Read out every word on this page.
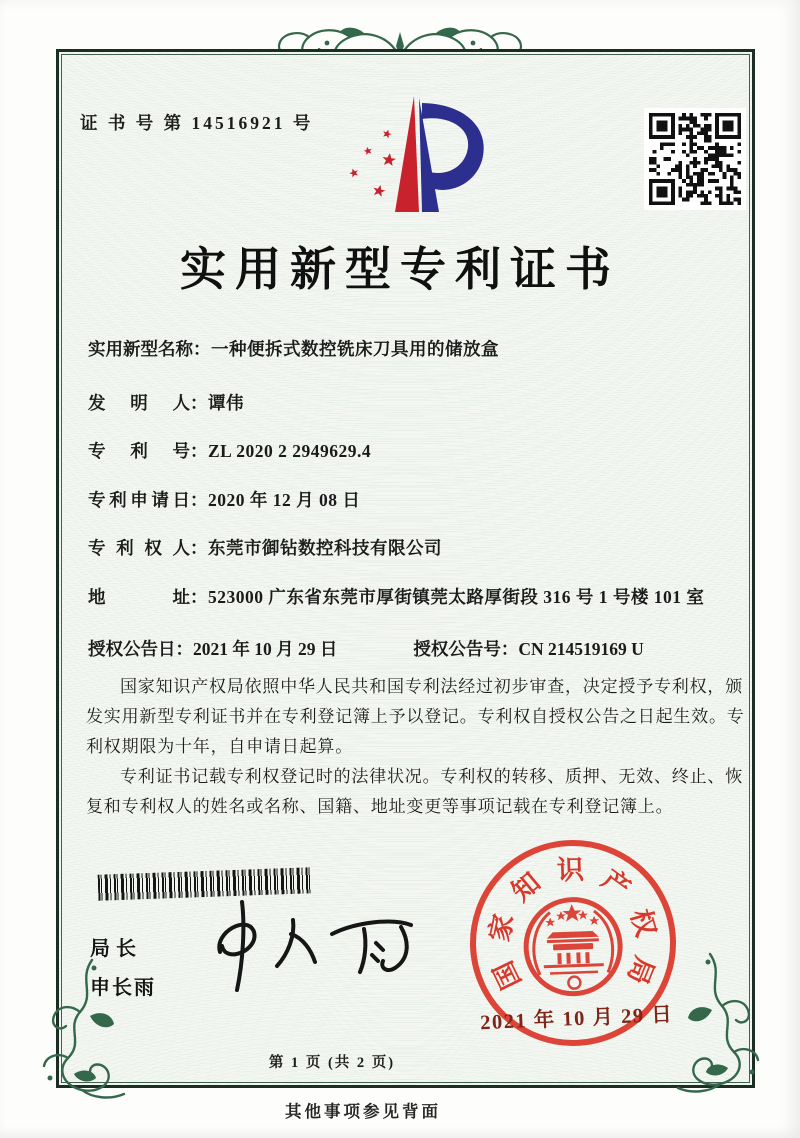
证 书 号 第 14516921 号
实用新型专利证书
实用新型名称 ： 一种便拆式数控铣床刀具用的储放盒
发明人 ： 谭伟
专利号 ： ZL 2020 2 2949629.4
专利申请日 ： 2020 年 12 月 08 日
专利权人 ： 东莞市御钻数控科技有限公司
地址 ： 523000 广东省东莞市厚街镇莞太路厚街段 316 号 1 号楼 101 室
授权公告日 ： 2021 年 10 月 29 日	授权公告号 ： CN 214519169 U

国家知识产权局依照中华人民共和国专利法经过初步审查，决定授予专利权，颁发实用新型专利证书并在专利登记簿上予以登记。专利权自授权公告之日起生效。专利权期限为十年，自申请日起算。

专利证书记载专利权登记时的法律状况。专利权的转移、质押、无效、终止、恢复和专利权人的姓名或名称、国籍、地址变更等事项记载在专利登记簿上。

局长
申长雨	国
家
知 识 产
权
局
2021 年 10 月 29 日
第 1 页 (共 2 页)
其他事项参见背面
